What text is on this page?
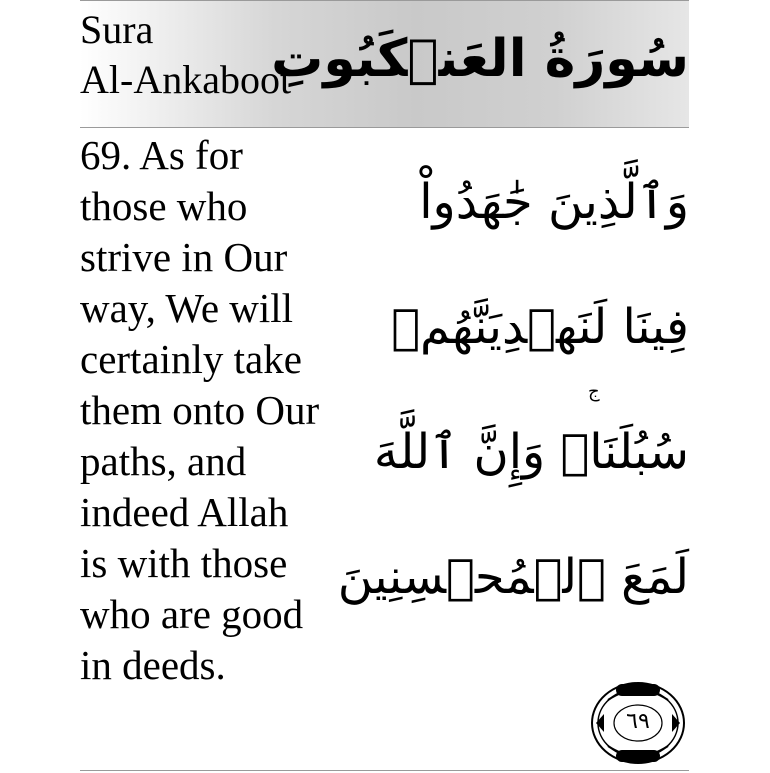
Sura
Al-Ankaboot
سُورَةُ العَنۡكَبُوتِ
69. As for
those who
strive in Our
way, We will
certainly take
them onto Our
paths, and
indeed Allah
is with those
who are good
in deeds.
وَٱلَّذِينَ جَٰهَدُواْ
فِينَا لَنَهۡدِيَنَّهُمۡ
سُبُلَنَاۚ وَإِنَّ ٱللَّهَ
لَمَعَ ٱلۡمُحۡسِنِينَ
ج
٦٩
